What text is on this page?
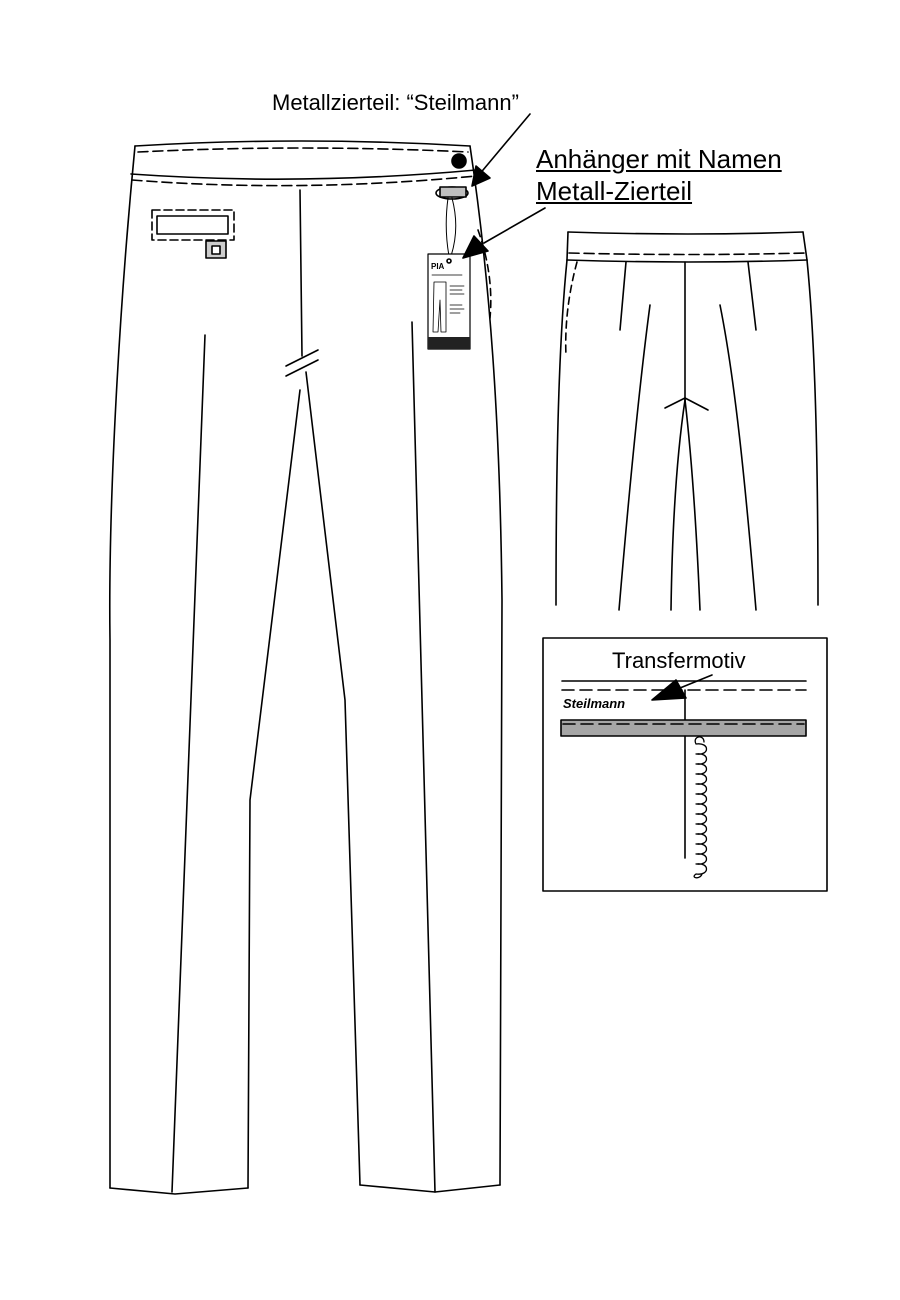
Metallzierteil: “Steilmann”
Anhänger mit Namen
Metall-Zierteil
Transfermotiv
Steilmann
PIA
